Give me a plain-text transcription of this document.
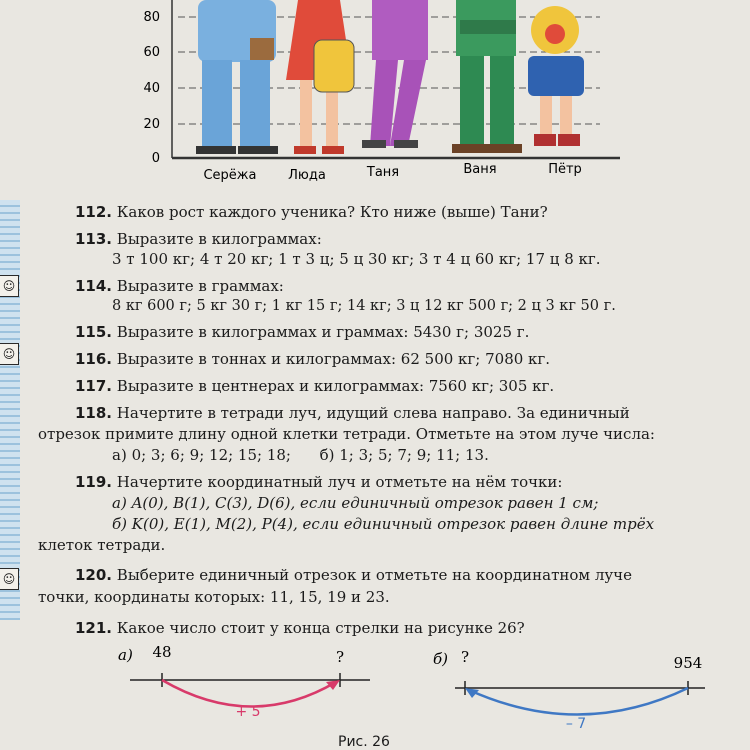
☺
☺
☺
80
60
40
20
0
Серёжа Люда	Таня	Ваня	Пётр
112. Каков рост каждого ученика? Кто ниже (выше) Тани?
113. Выразите в килограммах:
3 т 100 кг; 4 т 20 кг; 1 т 3 ц; 5 ц 30 кг; 3 т 4 ц 60 кг; 17 ц 8 кг.
114. Выразите в граммах:
8 кг 600 г; 5 кг 30 г; 1 кг 15 г; 14 кг; 3 ц 12 кг 500 г; 2 ц 3 кг 50 г.
115. Выразите в килограммах и граммах: 5430 г; 3025 г.
116. Выразите в тоннах и килограммах: 62 500 кг; 7080 кг.
117. Выразите в центнерах и килограммах: 7560 кг; 305 кг.
118. Начертите в тетради луч, идущий слева направо. За единичный
отрезок примите длину одной клетки тетради. Отметьте на этом луче числа:
а) 0; 3; 6; 9; 12; 15; 18;      б) 1; 3; 5; 7; 9; 11; 13.
119. Начертите координатный луч и отметьте на нём точки:
а) A(0), B(1), C(3), D(6), если единичный отрезок равен 1 см;
б) K(0), E(1), M(2), P(4), если единичный отрезок равен длине трёх
клеток тетради.
120. Выберите единичный отрезок и отметьте на координатном луче
точки, координаты которых: 11, 15, 19 и 23.
121. Какое число стоит у конца стрелки на рисунке 26?
а) 48	?
+ 5
б) ?	954
– 7
Рис. 26
